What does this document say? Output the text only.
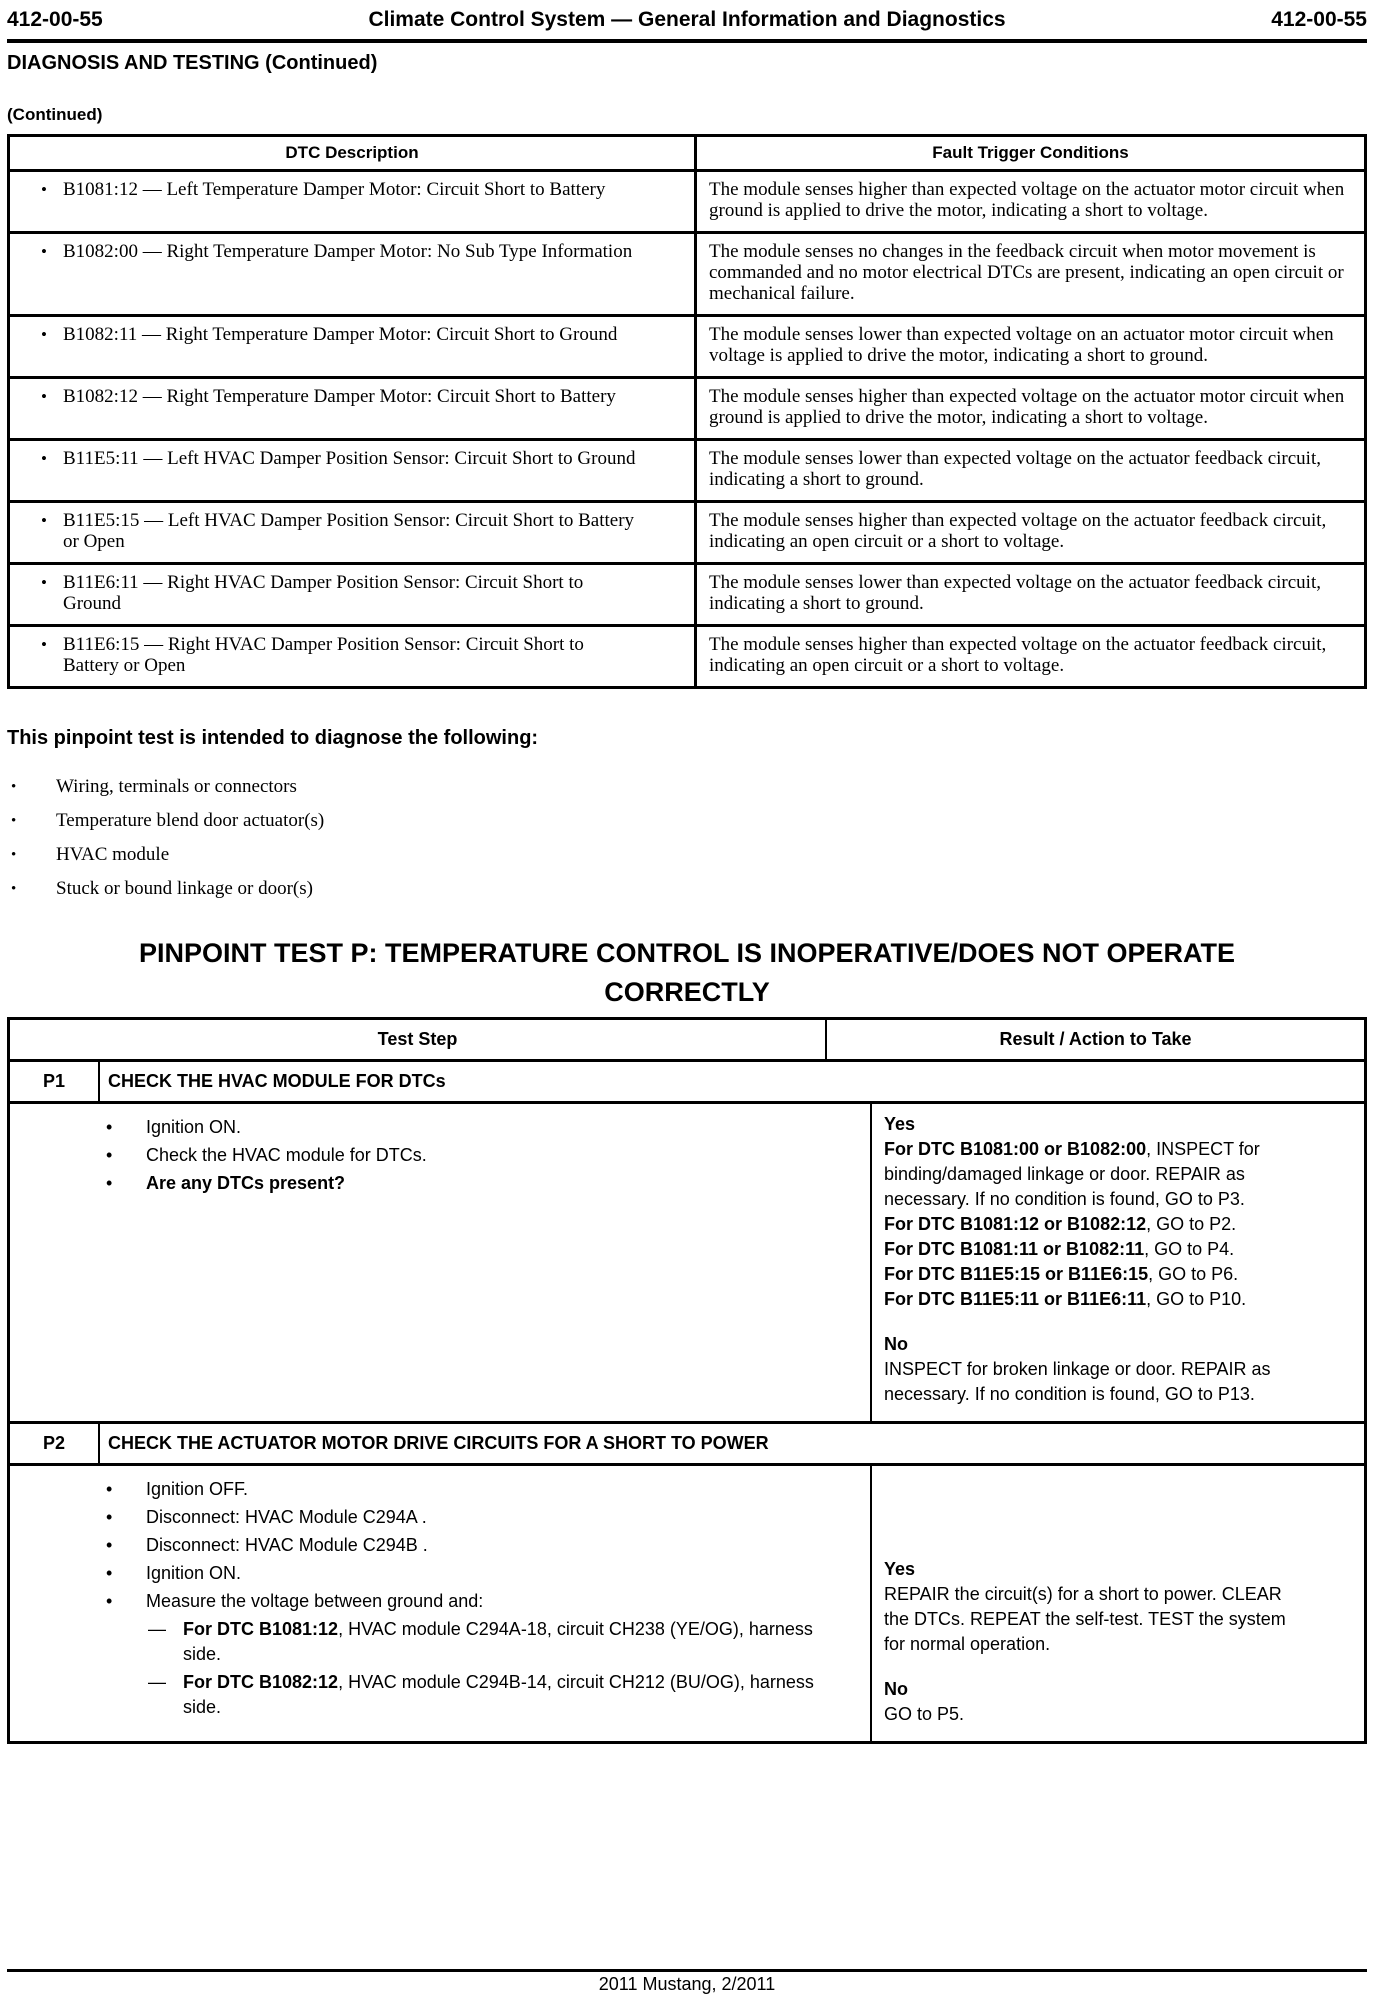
412-00-55	Climate Control System — General Information and Diagnostics	412-00-55
DIAGNOSIS AND TESTING (Continued)
(Continued)
DTC Description	Fault Trigger Conditions

• B1081:12 — Left Temperature Damper Motor: Circuit Short to Battery	The module senses higher than expected voltage on the actuator motor circuit when ground is applied to drive the motor, indicating a short to voltage.

• B1082:00 — Right Temperature Damper Motor: No Sub Type Information	The module senses no changes in the feedback circuit when motor movement is commanded and no motor electrical DTCs are present, indicating an open circuit or mechanical failure.

• B1082:11 — Right Temperature Damper Motor: Circuit Short to Ground	The module senses lower than expected voltage on an actuator motor circuit when voltage is applied to drive the motor, indicating a short to ground.

• B1082:12 — Right Temperature Damper Motor: Circuit Short to Battery	The module senses higher than expected voltage on the actuator motor circuit when ground is applied to drive the motor, indicating a short to voltage.

• B11E5:11 — Left HVAC Damper Position Sensor: Circuit Short to Ground	The module senses lower than expected voltage on the actuator feedback circuit, indicating a short to ground.

• B11E5:15 — Left HVAC Damper Position Sensor: Circuit Short to Battery or Open	The module senses higher than expected voltage on the actuator feedback circuit, indicating an open circuit or a short to voltage.

• B11E6:11 — Right HVAC Damper Position Sensor: Circuit Short to Ground	The module senses lower than expected voltage on the actuator feedback circuit, indicating a short to ground.

• B11E6:15 — Right HVAC Damper Position Sensor: Circuit Short to Battery or Open	The module senses higher than expected voltage on the actuator feedback circuit, indicating an open circuit or a short to voltage.
This pinpoint test is intended to diagnose the following:
•	Wiring, terminals or connectors
•	Temperature blend door actuator(s)
•	HVAC module
•	Stuck or bound linkage or door(s)
PINPOINT TEST P: TEMPERATURE CONTROL IS INOPERATIVE/DOES NOT OPERATE
CORRECTLY
Test Step	Result / Action to Take
P1	CHECK THE HVAC MODULE FOR DTCs
•	Ignition ON.
•	Check the HVAC module for DTCs.
•	Are any DTCs present?
Yes
For DTC B1081:00 or B1082:00, INSPECT for binding/damaged linkage or door. REPAIR as necessary. If no condition is found, GO to P3.
For DTC B1081:12 or B1082:12, GO to P2.
For DTC B1081:11 or B1082:11, GO to P4.
For DTC B11E5:15 or B11E6:15, GO to P6.
For DTC B11E5:11 or B11E6:11, GO to P10.
No
INSPECT for broken linkage or door. REPAIR as necessary. If no condition is found, GO to P13.
P2	CHECK THE ACTUATOR MOTOR DRIVE CIRCUITS FOR A SHORT TO POWER
•	Ignition OFF.
•	Disconnect: HVAC Module C294A .
•	Disconnect: HVAC Module C294B .
•	Ignition ON.
•	Measure the voltage between ground and:
— For DTC B1081:12, HVAC module C294A-18, circuit CH238 (YE/OG), harness side.
— For DTC B1082:12, HVAC module C294B-14, circuit CH212 (BU/OG), harness side.
Yes
REPAIR the circuit(s) for a short to power. CLEAR the DTCs. REPEAT the self-test. TEST the system for normal operation.
No
GO to P5.
2011 Mustang, 2/2011
